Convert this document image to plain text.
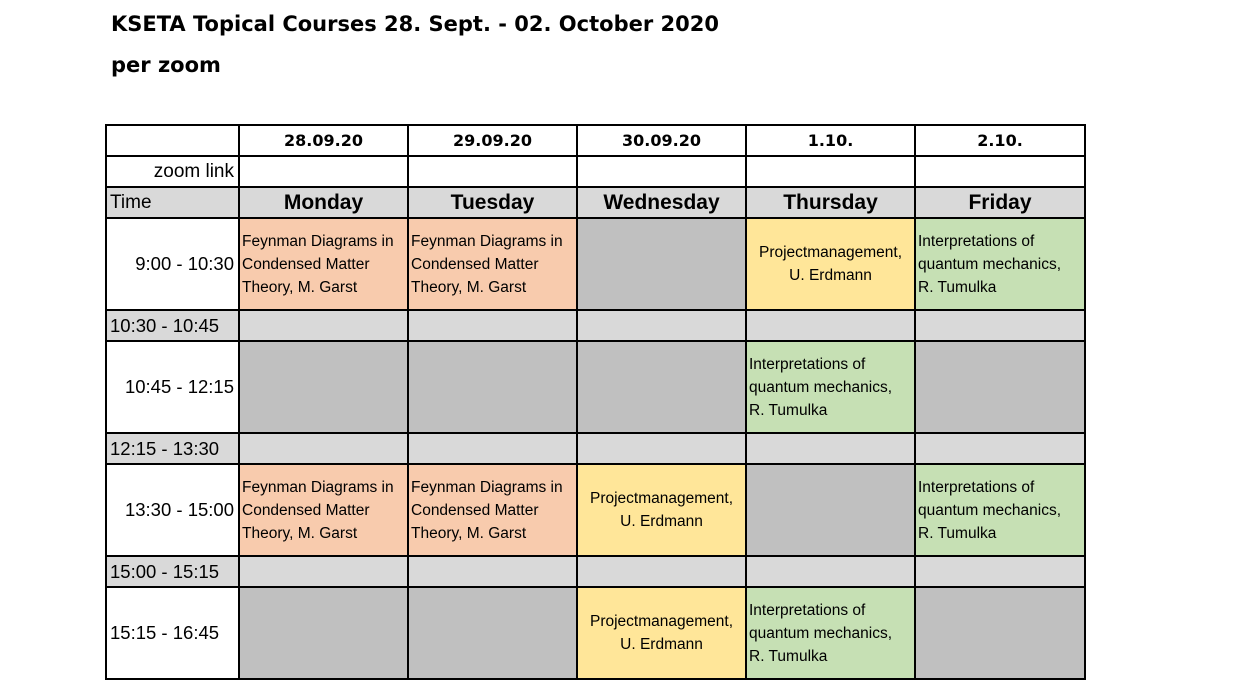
KSETA Topical Courses 28. Sept. - 02. October 2020
per zoom
	28.09.20	29.09.20	30.09.20	1.10.	2.10.
zoom link					
Time	Monday	Tuesday	Wednesday	Thursday	Friday
9:00 - 10:30	Feynman Diagrams in
Condensed Matter
Theory, M. Garst	Feynman Diagrams in
Condensed Matter
Theory, M. Garst		Projectmanagement,
U. Erdmann	Interpretations of
quantum mechanics,
R. Tumulka

10:30 - 10:45					
10:45 - 12:15				Interpretations of
quantum mechanics,
R. Tumulka	

12:15 - 13:30					
13:30 - 15:00	Feynman Diagrams in
Condensed Matter
Theory, M. Garst	Feynman Diagrams in
Condensed Matter
Theory, M. Garst	Projectmanagement,
U. Erdmann		Interpretations of
quantum mechanics,
R. Tumulka

15:00 - 15:15					
15:15 - 16:45			Projectmanagement,
U. Erdmann	Interpretations of
quantum mechanics,
R. Tumulka	
